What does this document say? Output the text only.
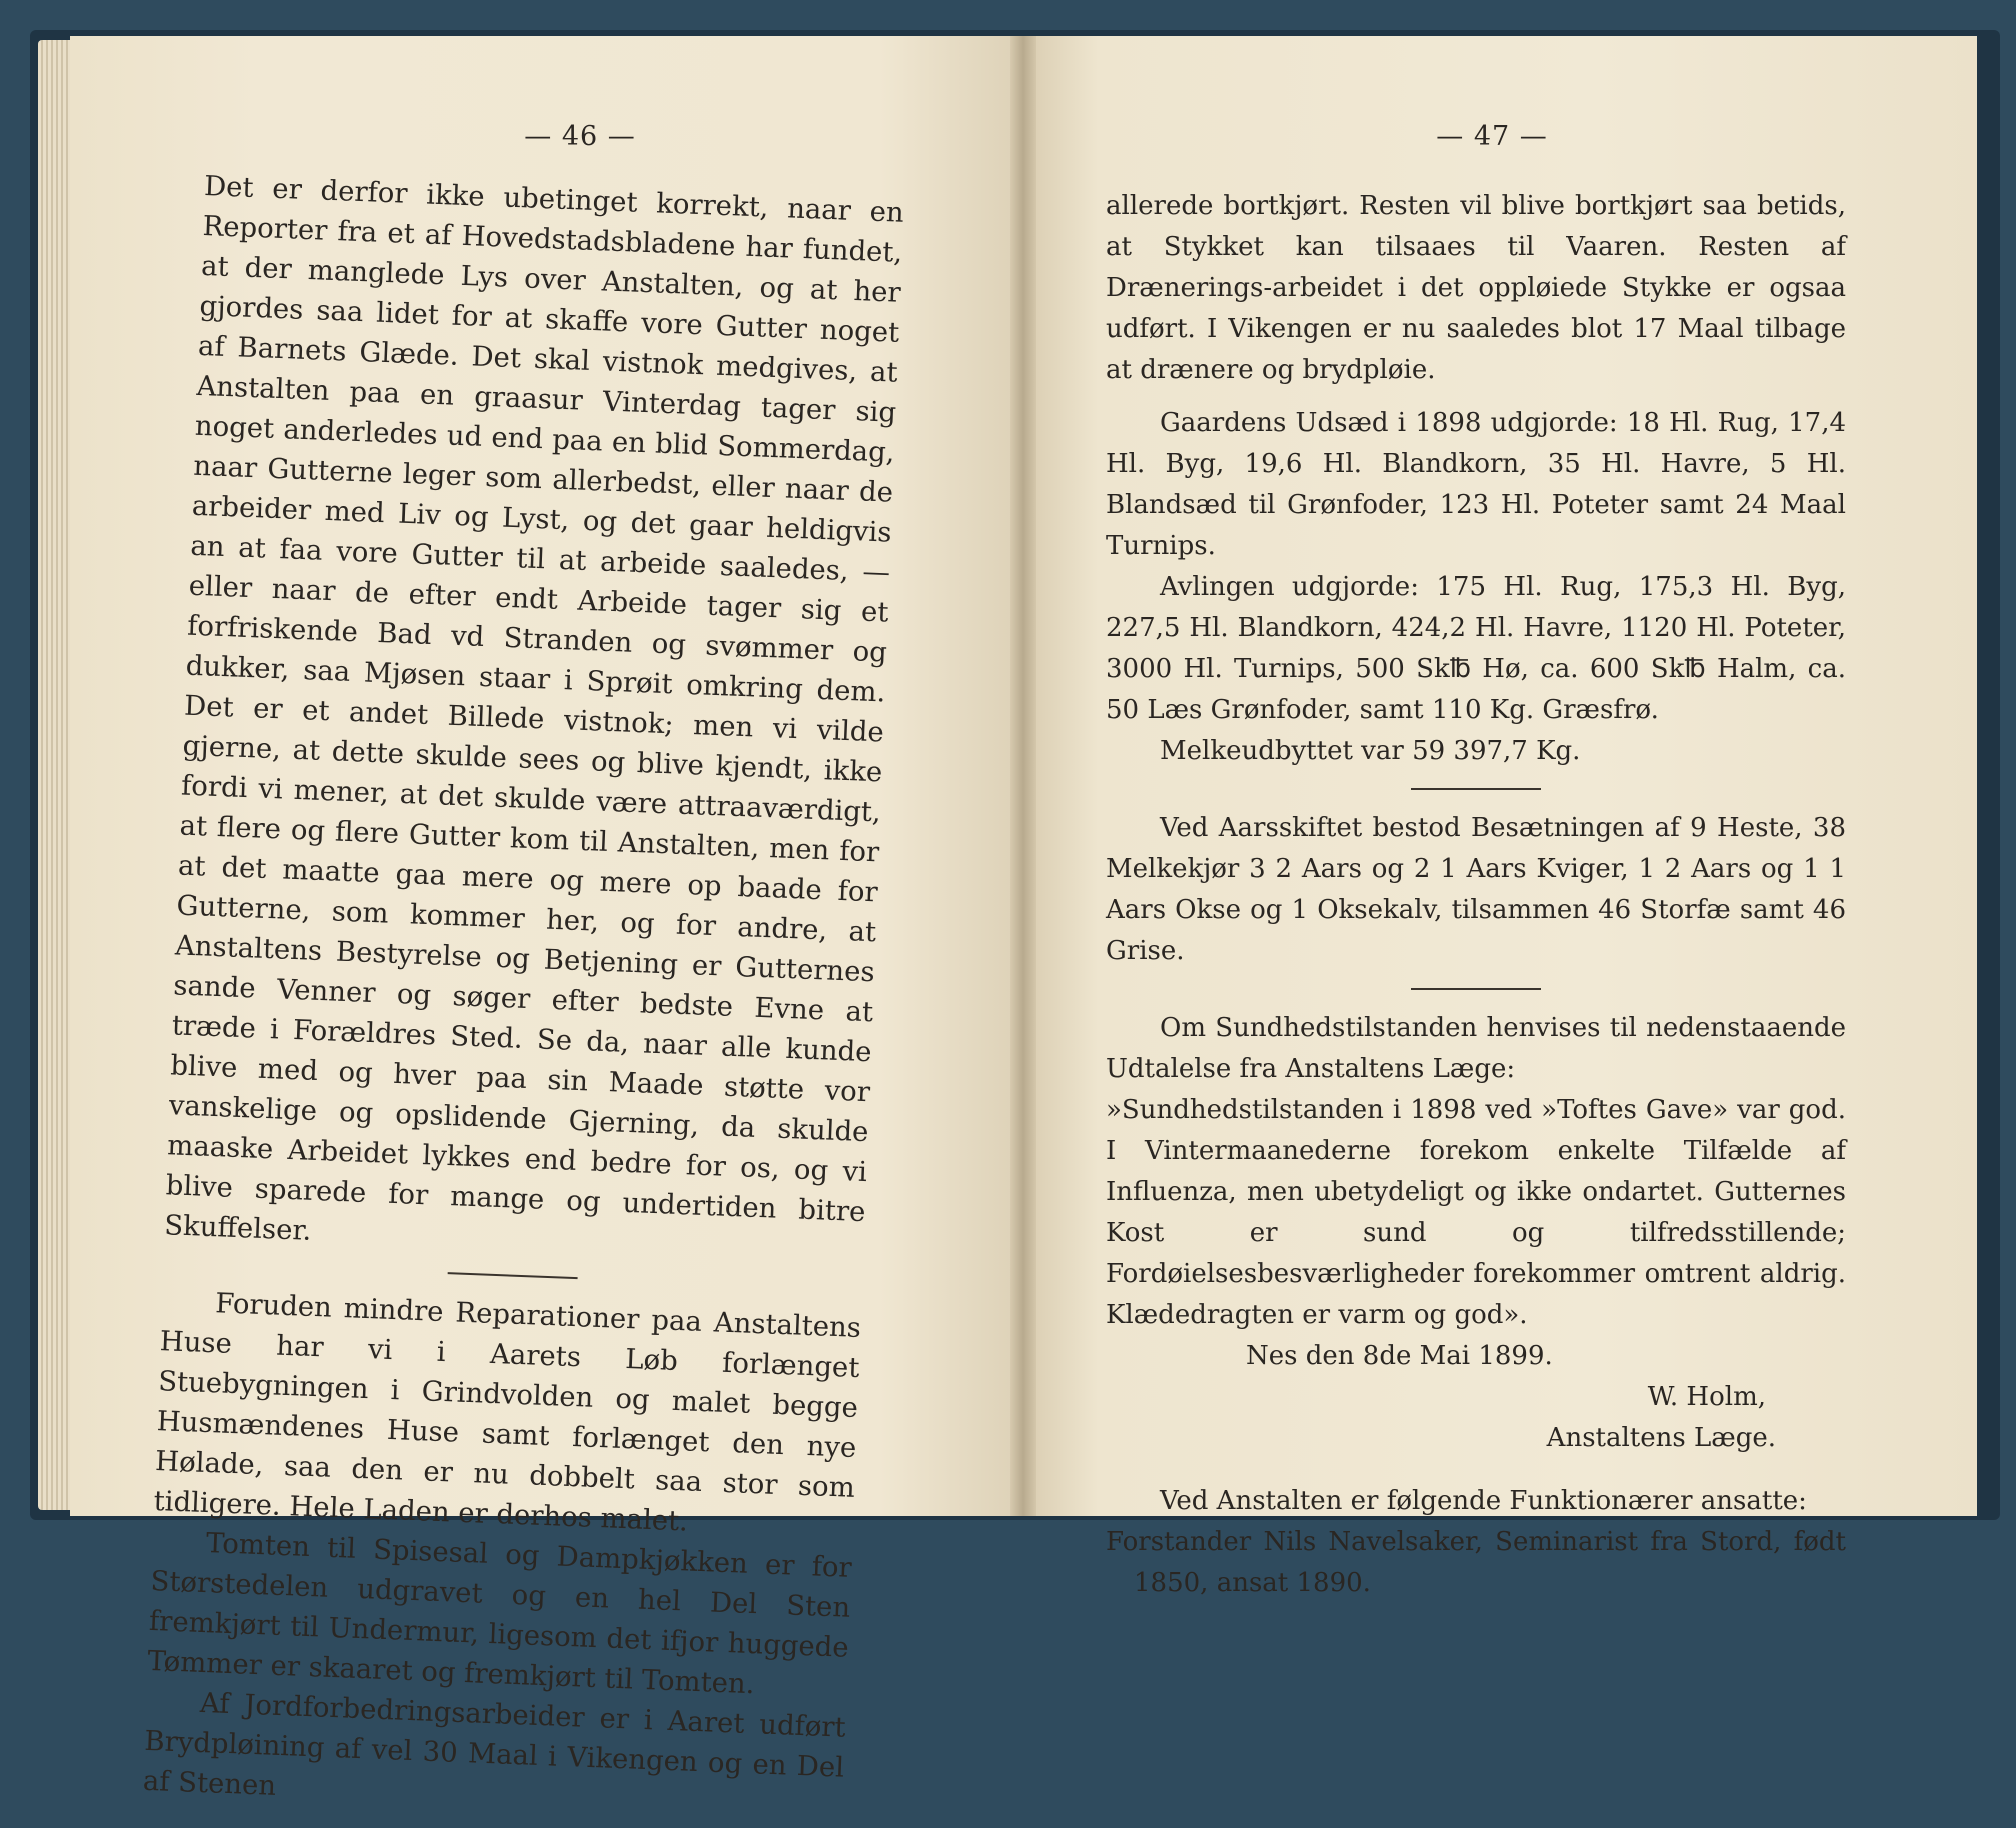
— 46 —

Det er derfor ikke ubetinget korrekt, naar en Reporter fra et af Hovedstadsbladene har fundet, at der manglede Lys over Anstalten, og at her gjordes saa lidet for at skaffe vore Gutter noget af Barnets Glæde. Det skal vistnok medgives, at Anstalten paa en graasur Vinterdag tager sig noget anderledes ud end paa en blid Sommerdag, naar Gutterne leger som allerbedst, eller naar de arbeider med Liv og Lyst, og det gaar heldigvis an at faa vore Gutter til at arbeide saaledes, — eller naar de efter endt Arbeide tager sig et forfriskende Bad vd Stranden og svømmer og dukker, saa Mjøsen staar i Sprøit omkring dem. Det er et andet Billede vistnok; men vi vilde gjerne, at dette skulde sees og blive kjendt, ikke fordi vi mener, at det skulde være attraaværdigt, at flere og flere Gutter kom til Anstalten, men for at det maatte gaa mere og mere op baade for Gutterne, som kommer her, og for andre, at Anstaltens Bestyrelse og Betjening er Gutternes sande Venner og søger efter bedste Evne at træde i Forældres Sted. Se da, naar alle kunde blive med og hver paa sin Maade støtte vor vanskelige og opslidende Gjerning, da skulde maaske Arbeidet lykkes end bedre for os, og vi blive sparede for mange og undertiden bitre Skuffelser.

Foruden mindre Reparationer paa Anstaltens Huse har vi i Aarets Løb forlænget Stuebygningen i Grindvolden og malet begge Husmændenes Huse samt forlænget den nye Hølade, saa den er nu dobbelt saa stor som tidligere. Hele Laden er derhos malet.

Tomten til Spisesal og Dampkjøkken er for Størstedelen udgravet og en hel Del Sten fremkjørt til Undermur, ligesom det ifjor huggede Tømmer er skaaret og fremkjørt til Tomten.

Af Jordforbedringsarbeider er i Aaret udført Brydpløining af vel 30 Maal i Vikengen og en Del af Stenen

— 47 —

allerede bortkjørt. Resten vil blive bortkjørt saa betids, at Stykket kan tilsaaes til Vaaren. Resten af Drænerings-arbeidet i det oppløiede Stykke er ogsaa udført. I Vikengen er nu saaledes blot 17 Maal tilbage at drænere og brydpløie.

Gaardens Udsæd i 1898 udgjorde: 18 Hl. Rug, 17,4 Hl. Byg, 19,6 Hl. Blandkorn, 35 Hl. Havre, 5 Hl. Blandsæd til Grønfoder, 123 Hl. Poteter samt 24 Maal Turnips.

Avlingen udgjorde: 175 Hl. Rug, 175,3 Hl. Byg, 227,5 Hl. Blandkorn, 424,2 Hl. Havre, 1120 Hl. Poteter, 3000 Hl. Turnips, 500 Sk℔ Hø, ca. 600 Sk℔ Halm, ca. 50 Læs Grønfoder, samt 110 Kg. Græsfrø.

Melkeudbyttet var 59 397,7 Kg.

Ved Aarsskiftet bestod Besætningen af 9 Heste, 38 Melkekjør 3 2 Aars og 2 1 Aars Kviger, 1 2 Aars og 1 1 Aars Okse og 1 Oksekalv, tilsammen 46 Storfæ samt 46 Grise.

Om Sundhedstilstanden henvises til nedenstaaende Udtalelse fra Anstaltens Læge:

»Sundhedstilstanden i 1898 ved »Toftes Gave» var god. I Vintermaanederne forekom enkelte Tilfælde af Influenza, men ubetydeligt og ikke ondartet. Gutternes Kost er sund og tilfredsstillende; Fordøielsesbesværligheder forekommer omtrent aldrig. Klædedragten er varm og god».

Nes den 8de Mai 1899.

W. Holm,

Anstaltens Læge.

Ved Anstalten er følgende Funktionærer ansatte:

Forstander Nils Navelsaker, Seminarist fra Stord, født 1850, ansat 1890.
